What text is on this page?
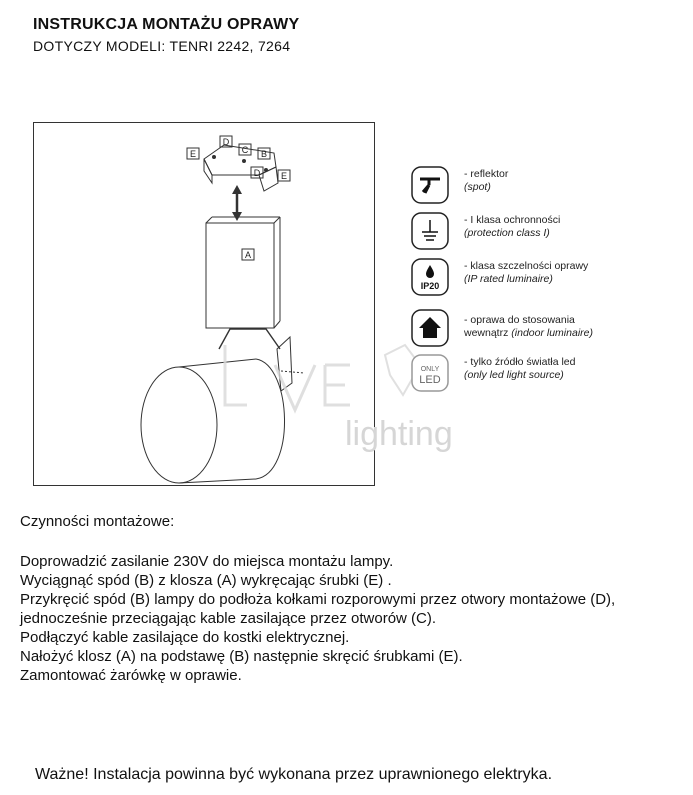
INSTRUKCJA MONTAŻU OPRAWY
DOTYCZY MODELI: TENRI 2242, 7264
E
D
C B
D E
A
lighting
- reflektor
(spot)
- I klasa ochronności
(protection class I)
IP20
- klasa szczelności oprawy
(IP rated luminaire)
- oprawa do stosowania
wewnątrz (indoor luminaire)
ONLY
LED
- tylko źródło światła led
(only led light source)
Czynności montażowe:
Doprowadzić zasilanie 230V do miejsca montażu lampy.
Wyciągnąć spód (B) z klosza (A) wykręcając śrubki (E) .
Przykręcić spód (B) lampy do podłoża kołkami rozporowymi przez otwory montażowe (D),
jednocześnie przeciągając kable zasilające przez otworów (C).
Podłączyć kable zasilające do kostki elektrycznej.
Nałożyć klosz (A) na podstawę (B) następnie skręcić śrubkami (E).
Zamontować żarówkę w oprawie.
Ważne! Instalacja powinna być wykonana przez uprawnionego elektryka.
